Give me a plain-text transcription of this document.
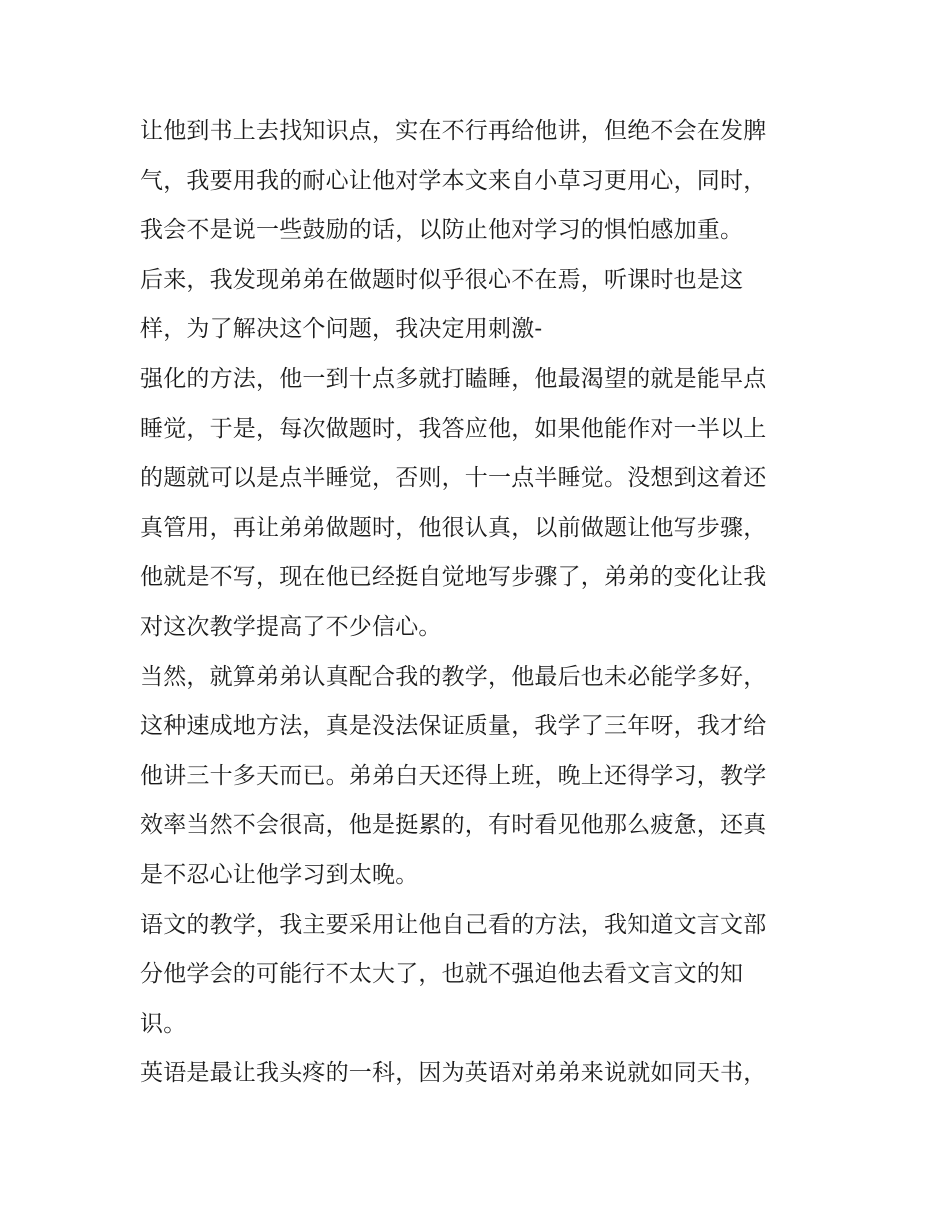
让他到书上去找知识点，实在不行再给他讲，但绝不会在发脾
气，我要用我的耐心让他对学本文来自小草习更用心，同时，
我会不是说一些鼓励的话，以防止他对学习的惧怕感加重。
后来，我发现弟弟在做题时似乎很心不在焉，听课时也是这
样，为了解决这个问题，我决定用刺激-
强化的方法，他一到十点多就打瞌睡，他最渴望的就是能早点
睡觉，于是，每次做题时，我答应他，如果他能作对一半以上
的题就可以是点半睡觉，否则，十一点半睡觉。没想到这着还
真管用，再让弟弟做题时，他很认真，以前做题让他写步骤，
他就是不写，现在他已经挺自觉地写步骤了，弟弟的变化让我
对这次教学提高了不少信心。
当然，就算弟弟认真配合我的教学，他最后也未必能学多好，
这种速成地方法，真是没法保证质量，我学了三年呀，我才给
他讲三十多天而已。弟弟白天还得上班，晚上还得学习，教学
效率当然不会很高，他是挺累的，有时看见他那么疲惫，还真
是不忍心让他学习到太晚。
语文的教学，我主要采用让他自己看的方法，我知道文言文部
分他学会的可能行不太大了，也就不强迫他去看文言文的知
识。
英语是最让我头疼的一科，因为英语对弟弟来说就如同天书，
